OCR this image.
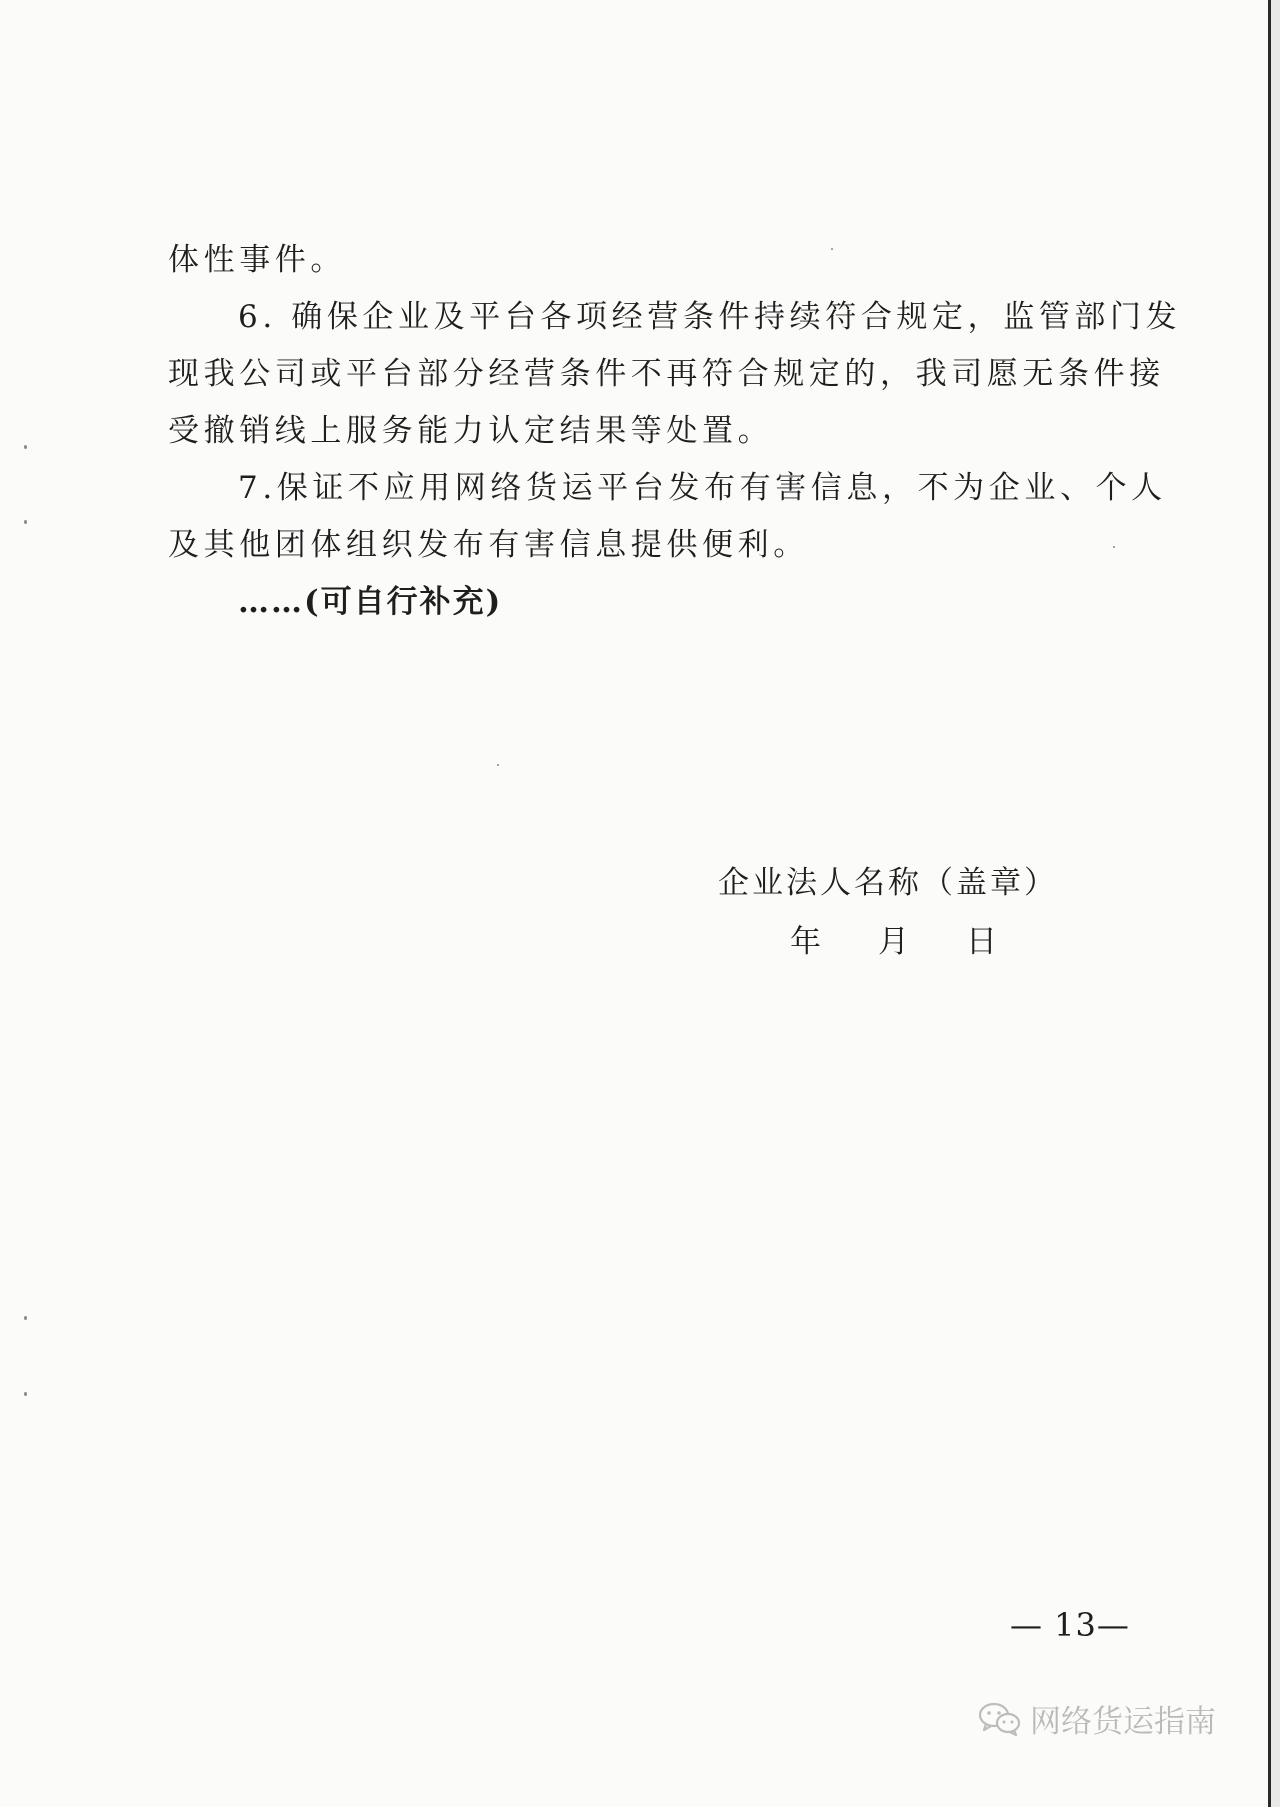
体性事件。

6. 确保企业及平台各项经营条件持续符合规定，监管部门发

现我公司或平台部分经营条件不再符合规定的，我司愿无条件接

受撤销线上服务能力认定结果等处置。

7.保证不应用网络货运平台发布有害信息，不为企业、个人

及其他团体组织发布有害信息提供便利。

……(可自行补充)

企业法人名称（盖章）
年	月	日
— 13—
网络货运指南
